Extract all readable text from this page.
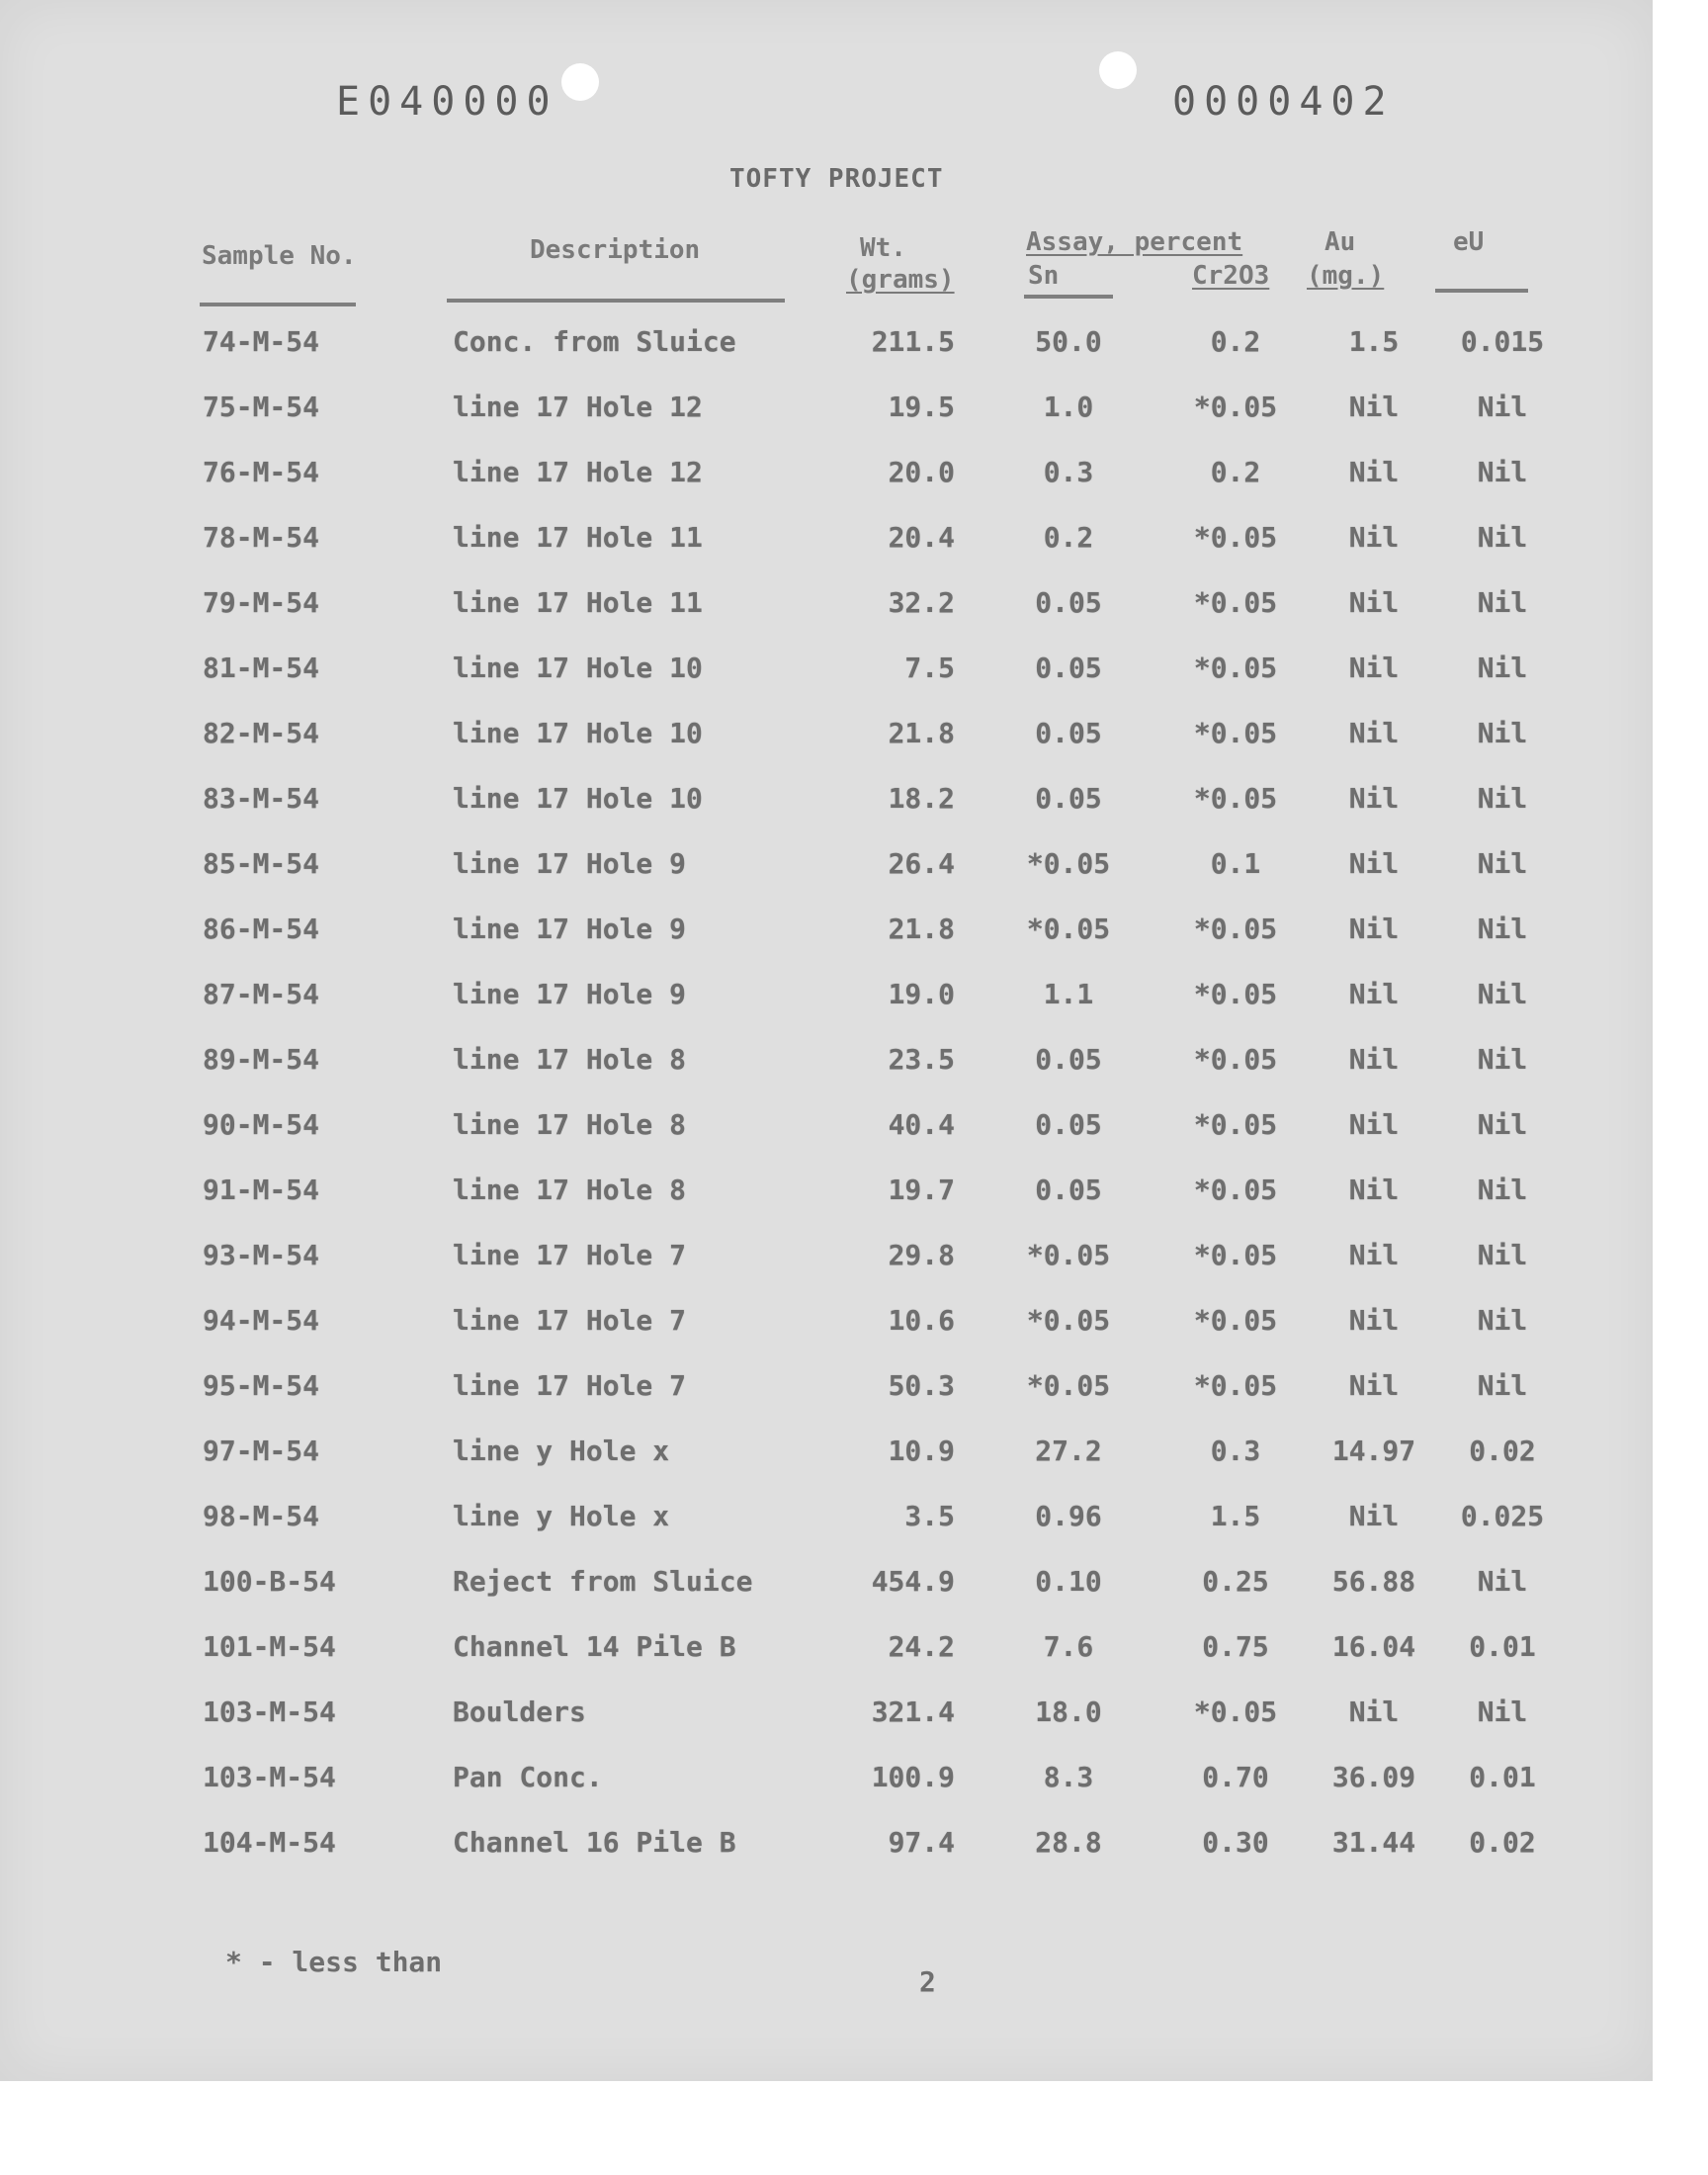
E040000	0000402
TOFTY PROJECT
Sample No.	Description	Wt.
(grams)
Assay, percent
Sn	Cr2O3
Au
(mg.)
eU
74-M-54	Conc. from Sluice	211.5	50.0	0.2	1.5	0.015
75-M-54	line 17 Hole 12	19.5	1.0	*0.05	Nil	Nil
76-M-54	line 17 Hole 12	20.0	0.3	0.2	Nil	Nil
78-M-54	line 17 Hole 11	20.4	0.2	*0.05	Nil	Nil
79-M-54	line 17 Hole 11	32.2	0.05	*0.05	Nil	Nil
81-M-54	line 17 Hole 10	7.5	0.05	*0.05	Nil	Nil
82-M-54	line 17 Hole 10	21.8	0.05	*0.05	Nil	Nil
83-M-54	line 17 Hole 10	18.2	0.05	*0.05	Nil	Nil
85-M-54	line 17 Hole 9	26.4	*0.05	0.1	Nil	Nil
86-M-54	line 17 Hole 9	21.8	*0.05	*0.05	Nil	Nil
87-M-54	line 17 Hole 9	19.0	1.1	*0.05	Nil	Nil
89-M-54	line 17 Hole 8	23.5	0.05	*0.05	Nil	Nil
90-M-54	line 17 Hole 8	40.4	0.05	*0.05	Nil	Nil
91-M-54	line 17 Hole 8	19.7	0.05	*0.05	Nil	Nil
93-M-54	line 17 Hole 7	29.8	*0.05	*0.05	Nil	Nil
94-M-54	line 17 Hole 7	10.6	*0.05	*0.05	Nil	Nil
95-M-54	line 17 Hole 7	50.3	*0.05	*0.05	Nil	Nil
97-M-54	line y Hole x	10.9	27.2	0.3	14.97	0.02
98-M-54	line y Hole x	3.5	0.96	1.5	Nil	0.025
100-B-54	Reject from Sluice	454.9	0.10	0.25	56.88	Nil
101-M-54	Channel 14 Pile B	24.2	7.6	0.75	16.04	0.01
103-M-54	Boulders	321.4	18.0	*0.05	Nil	Nil
103-M-54	Pan Conc.	100.9	8.3	0.70	36.09	0.01
104-M-54	Channel 16 Pile B	97.4	28.8	0.30	31.44	0.02
* - less than
2
